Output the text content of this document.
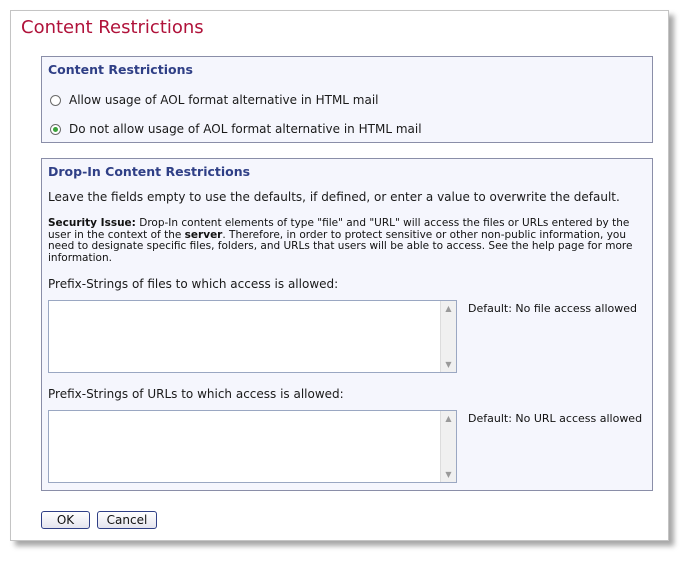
Content Restrictions
Content Restrictions
Allow usage of AOL format alternative in HTML mail
Do not allow usage of AOL format alternative in HTML mail
Drop-In Content Restrictions
Leave the fields empty to use the defaults, if defined, or enter a value to overwrite the default.
Security Issue: Drop-In content elements of type "file" and "URL" will access the files or URLs entered by the user in the context of the server. Therefore, in order to protect sensitive or other non-public information, you need to designate specific files, folders, and URLs that users will be able to access. See the help page for more information.
Prefix-Strings of files to which access is allowed:
▲
▼
Default: No file access allowed
Prefix-Strings of URLs to which access is allowed:
▲
▼
Default: No URL access allowed
OK	Cancel
